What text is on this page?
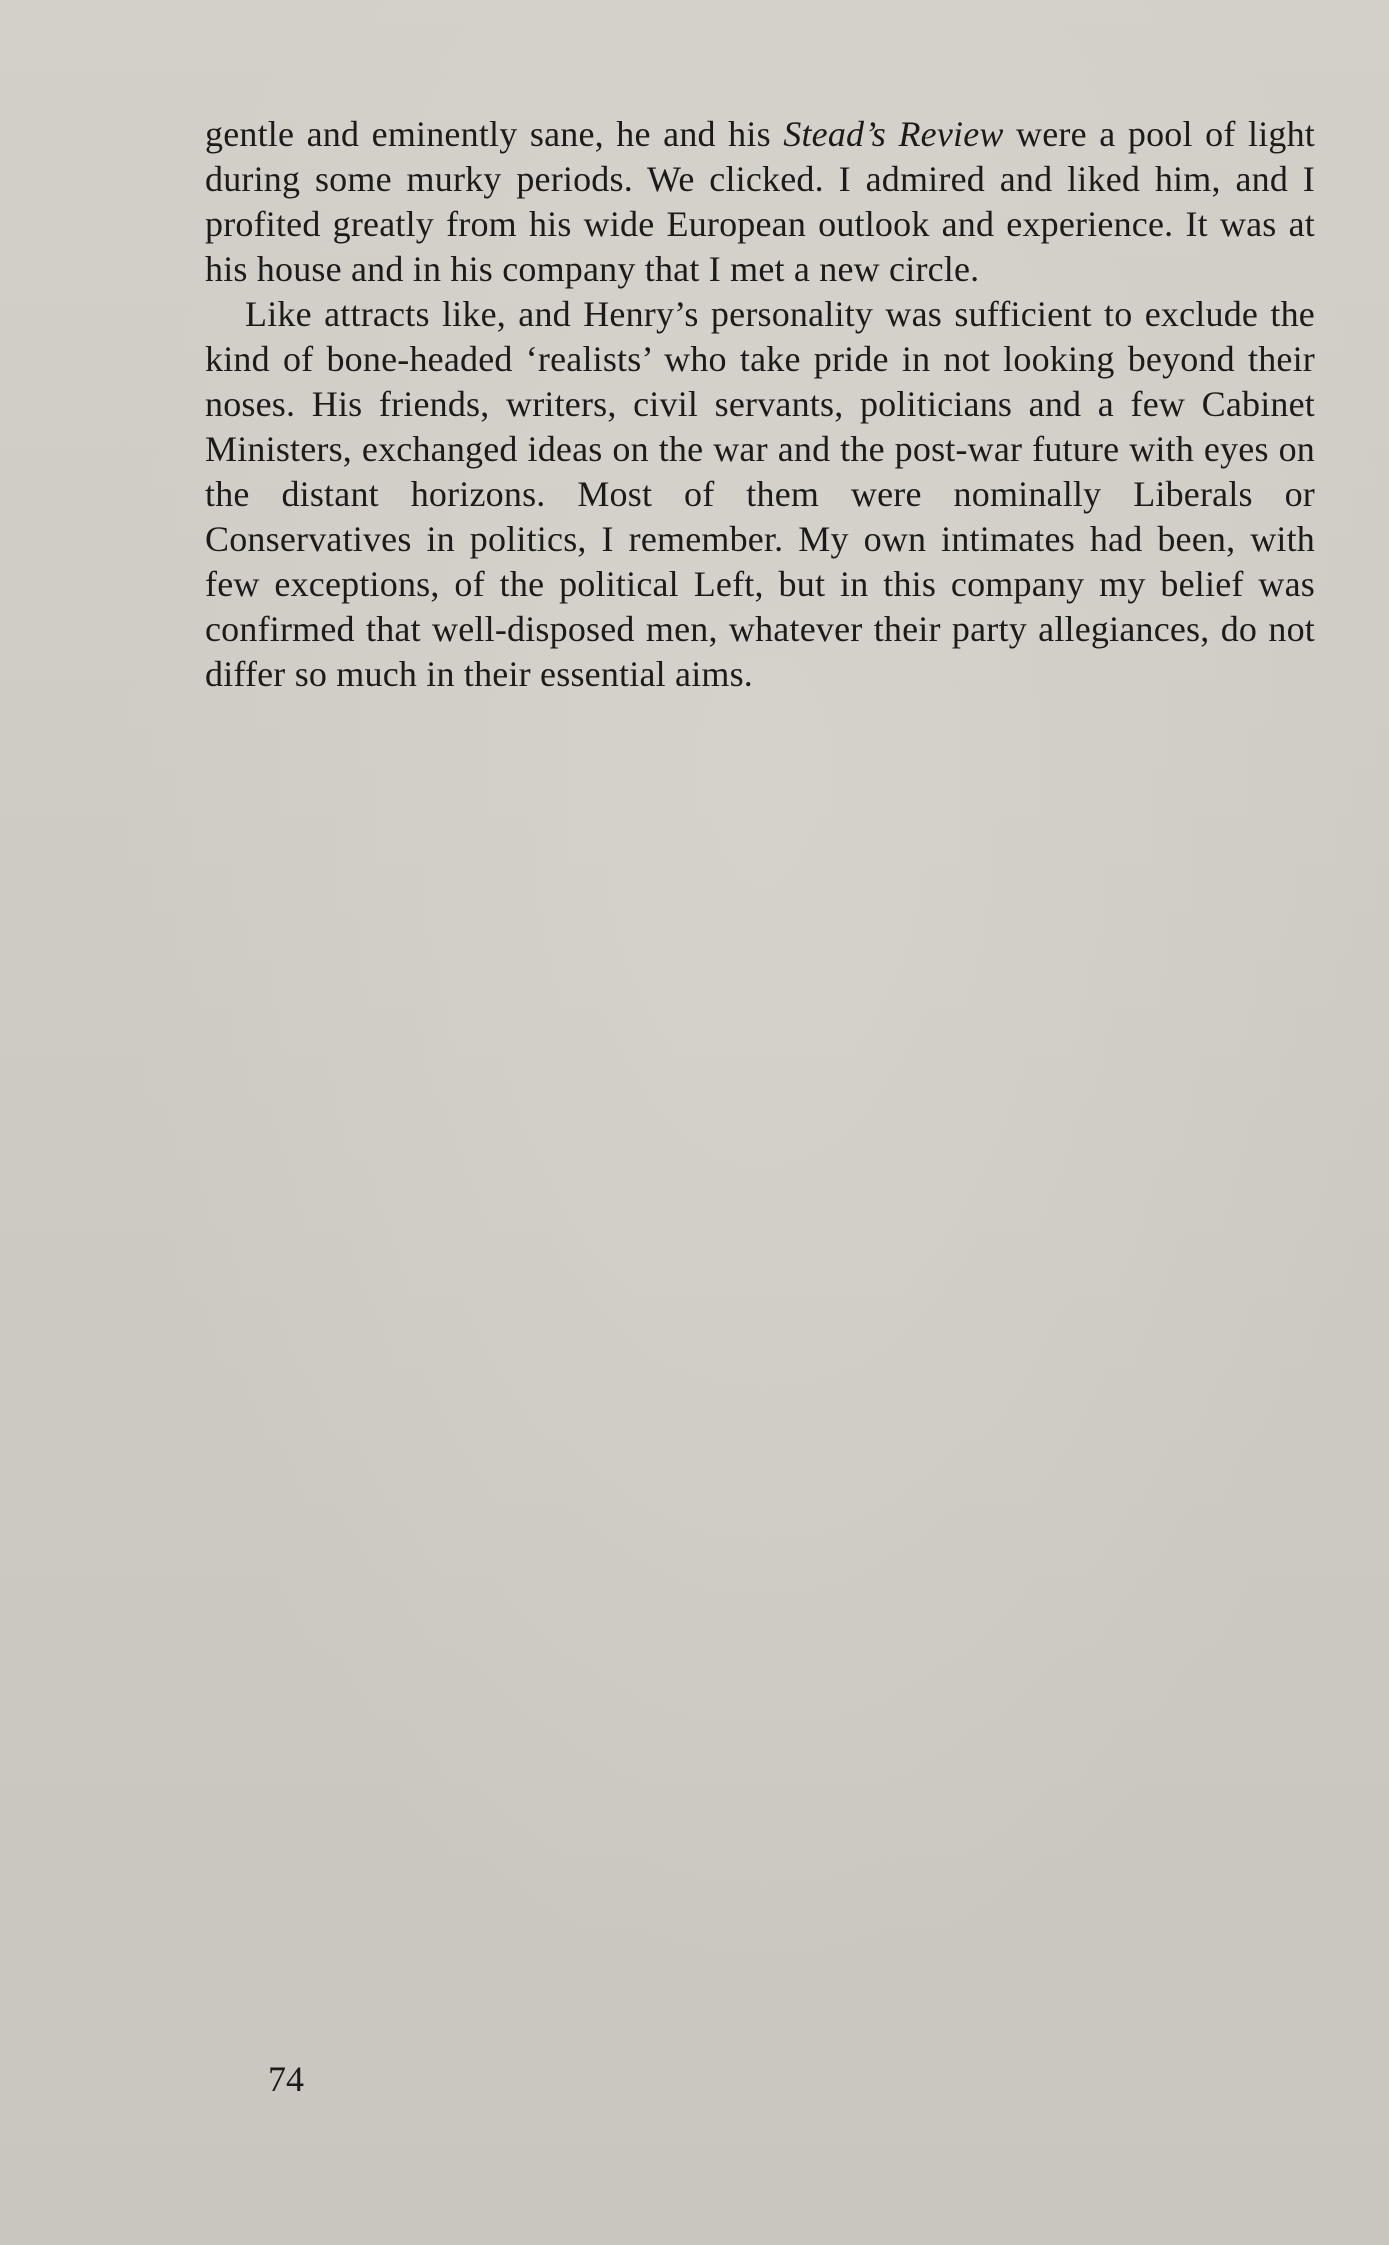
gentle and eminently sane, he and his Stead’s Review were a pool of light during some murky periods. We clicked. I admired and liked him, and I profited greatly from his wide European outlook and experience. It was at his house and in his company that I met a new circle.

Like attracts like, and Henry’s personality was sufficient to exclude the kind of bone-headed ‘realists’ who take pride in not looking beyond their noses. His friends, writers, civil servants, politicians and a few Cabinet Ministers, exchanged ideas on the war and the post-war future with eyes on the distant horizons. Most of them were nominally Liberals or Conservatives in politics, I remember. My own intimates had been, with few exceptions, of the political Left, but in this company my belief was confirmed that well-disposed men, whatever their party allegiances, do not differ so much in their essential aims.

74
